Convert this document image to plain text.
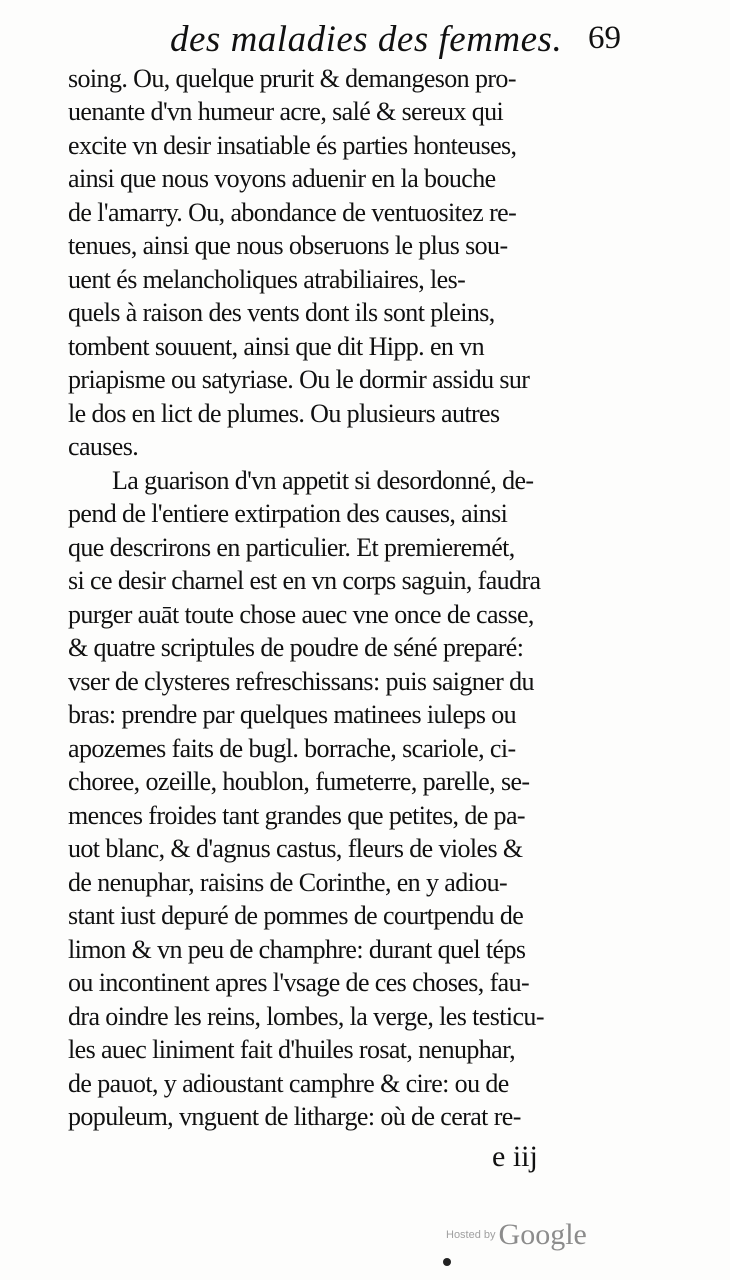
des maladies des femmes. 69
soing. Ou, quelque prurit & demangeson pro-
uenante d'vn humeur acre, salé & sereux qui
excite vn desir insatiable és parties honteuses,
ainsi que nous voyons aduenir en la bouche
de l'amarry. Ou, abondance de ventuositez re-
tenues, ainsi que nous obseruons le plus sou-
uent és melancholiques atrabiliaires, les-
quels à raison des vents dont ils sont pleins,
tombent souuent, ainsi que dit Hipp. en vn
priapisme ou satyriase. Ou le dormir assidu sur
le dos en lict de plumes. Ou plusieurs autres
causes.
La guarison d'vn appetit si desordonné, de-
pend de l'entiere extirpation des causes, ainsi
que descrirons en particulier. Et premieremét,
si ce desir charnel est en vn corps saguin, faudra
purger auāt toute chose auec vne once de casse,
& quatre scriptules de poudre de séné preparé:
vser de clysteres refreschissans: puis saigner du
bras: prendre par quelques matinees iuleps ou
apozemes faits de bugl. borrache, scariole, ci-
choree, ozeille, houblon, fumeterre, parelle, se-
mences froides tant grandes que petites, de pa-
uot blanc, & d'agnus castus, fleurs de violes &
de nenuphar, raisins de Corinthe, en y adiou-
stant iust depuré de pommes de courtpendu de
limon & vn peu de champhre: durant quel téps
ou incontinent apres l'vsage de ces choses, fau-
dra oindre les reins, lombes, la verge, les testicu-
les auec liniment fait d'huiles rosat, nenuphar,
de pauot, y adioustant camphre & cire: ou de
populeum, vnguent de litharge: où de cerat re-
e iij
Hosted by Google
